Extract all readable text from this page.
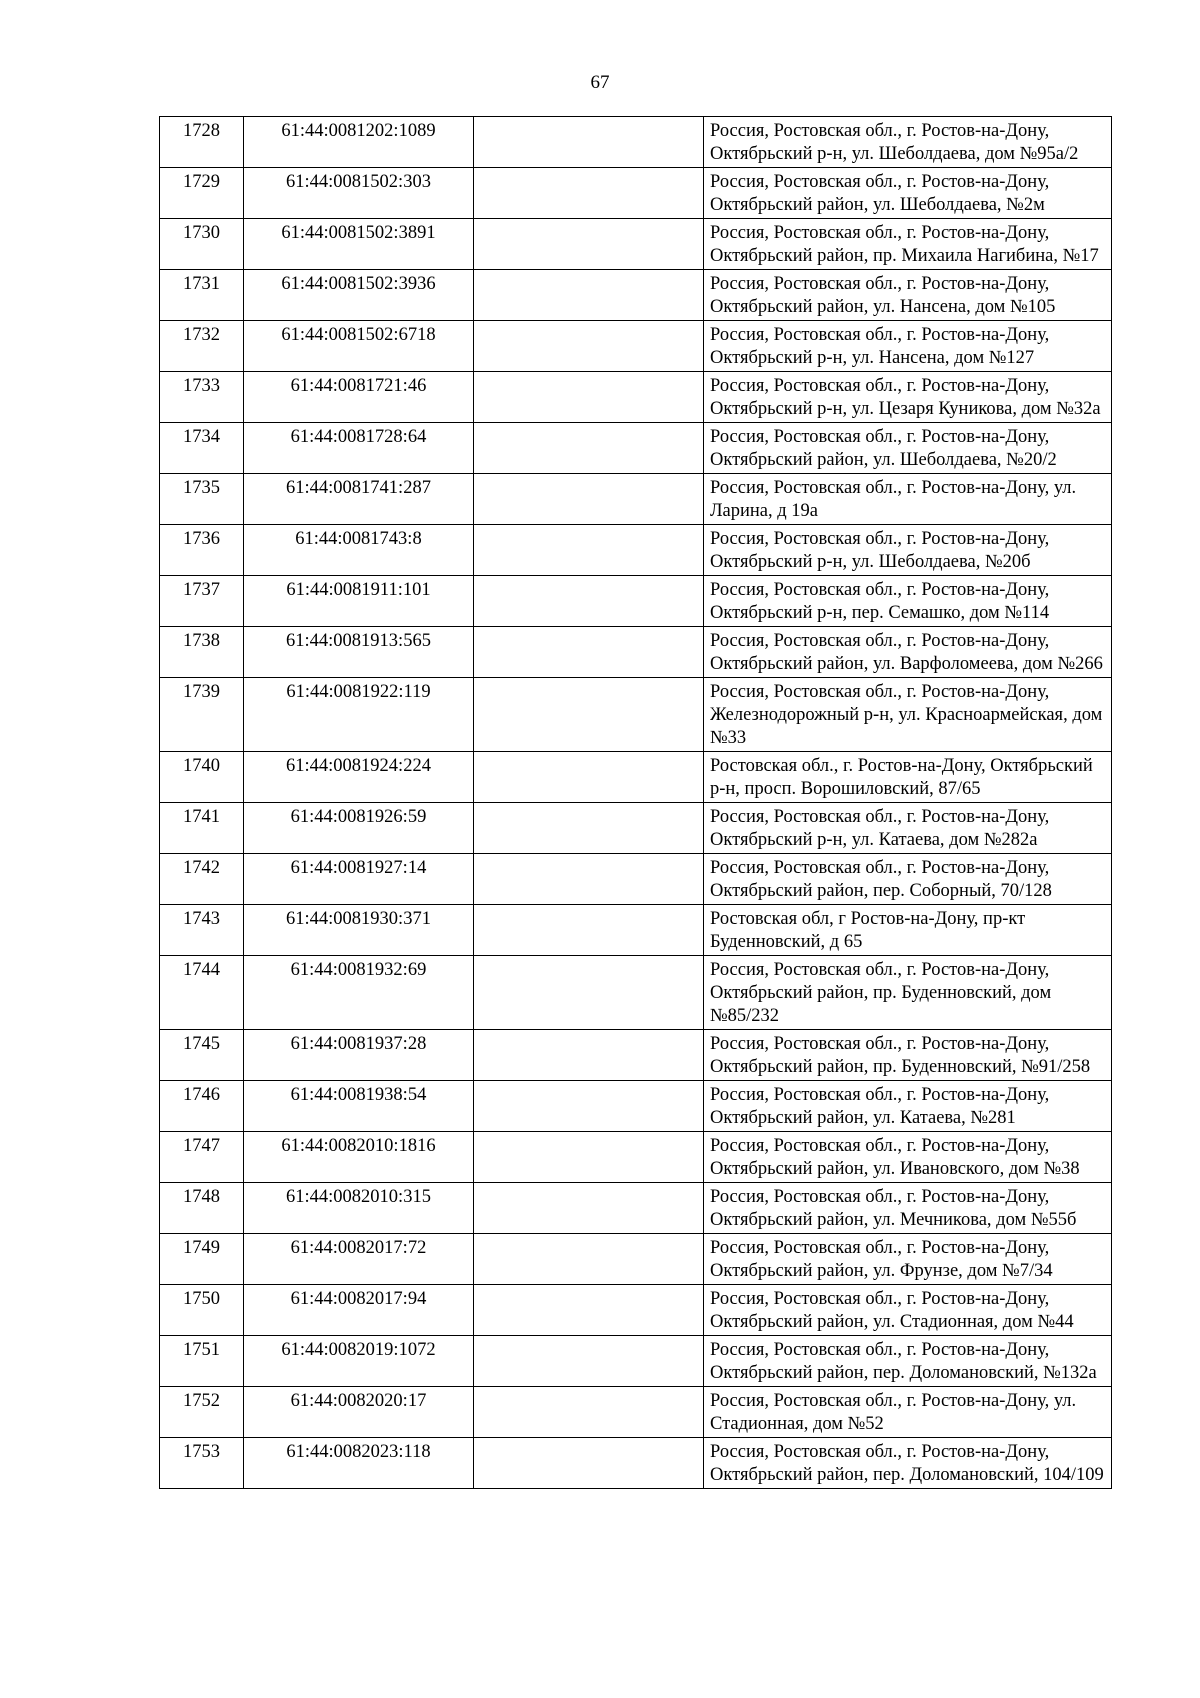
67
1728	61:44:0081202:1089		Россия, Ростовская обл., г. Ростов-на-Дону, Октябрьский р-н, ул. Шеболдаева, дом №95а/2
1729	61:44:0081502:303		Россия, Ростовская обл., г. Ростов-на-Дону, Октябрьский район, ул. Шеболдаева, №2м
1730	61:44:0081502:3891		Россия, Ростовская обл., г. Ростов-на-Дону, Октябрьский район, пр. Михаила Нагибина, №17
1731	61:44:0081502:3936		Россия, Ростовская обл., г. Ростов-на-Дону, Октябрьский район, ул. Нансена, дом №105
1732	61:44:0081502:6718		Россия, Ростовская обл., г. Ростов-на-Дону, Октябрьский р-н, ул. Нансена, дом №127
1733	61:44:0081721:46		Россия, Ростовская обл., г. Ростов-на-Дону, Октябрьский р-н, ул. Цезаря Куникова, дом №32а
1734	61:44:0081728:64		Россия, Ростовская обл., г. Ростов-на-Дону, Октябрьский район, ул. Шеболдаева, №20/2
1735	61:44:0081741:287		Россия, Ростовская обл., г. Ростов-на-Дону, ул. Ларина, д 19а
1736	61:44:0081743:8		Россия, Ростовская обл., г. Ростов-на-Дону, Октябрьский р-н, ул. Шеболдаева, №20б
1737	61:44:0081911:101		Россия, Ростовская обл., г. Ростов-на-Дону, Октябрьский р-н, пер. Семашко, дом №114
1738	61:44:0081913:565		Россия, Ростовская обл., г. Ростов-на-Дону, Октябрьский район, ул. Варфоломеева, дом №266
1739	61:44:0081922:119		Россия, Ростовская обл., г. Ростов-на-Дону, Железнодорожный р-н, ул. Красноармейская, дом №33
1740	61:44:0081924:224		Ростовская обл., г. Ростов-на-Дону, Октябрьский р-н, просп. Ворошиловский, 87/65
1741	61:44:0081926:59		Россия, Ростовская обл., г. Ростов-на-Дону, Октябрьский р-н, ул. Катаева, дом №282а
1742	61:44:0081927:14		Россия, Ростовская обл., г. Ростов-на-Дону, Октябрьский район, пер. Соборный, 70/128
1743	61:44:0081930:371		Ростовская обл, г Ростов-на-Дону, пр-кт Буденновский, д 65
1744	61:44:0081932:69		Россия, Ростовская обл., г. Ростов-на-Дону, Октябрьский район, пр. Буденновский, дом №85/232
1745	61:44:0081937:28		Россия, Ростовская обл., г. Ростов-на-Дону, Октябрьский район, пр. Буденновский, №91/258
1746	61:44:0081938:54		Россия, Ростовская обл., г. Ростов-на-Дону, Октябрьский район, ул. Катаева, №281
1747	61:44:0082010:1816		Россия, Ростовская обл., г. Ростов-на-Дону, Октябрьский район, ул. Ивановского, дом №38
1748	61:44:0082010:315		Россия, Ростовская обл., г. Ростов-на-Дону, Октябрьский район, ул. Мечникова, дом №55б
1749	61:44:0082017:72		Россия, Ростовская обл., г. Ростов-на-Дону, Октябрьский район, ул. Фрунзе, дом №7/34
1750	61:44:0082017:94		Россия, Ростовская обл., г. Ростов-на-Дону, Октябрьский район, ул. Стадионная, дом №44
1751	61:44:0082019:1072		Россия, Ростовская обл., г. Ростов-на-Дону, Октябрьский район, пер. Доломановский, №132а
1752	61:44:0082020:17		Россия, Ростовская обл., г. Ростов-на-Дону, ул. Стадионная, дом №52
1753	61:44:0082023:118		Россия, Ростовская обл., г. Ростов-на-Дону, Октябрьский район, пер. Доломановский, 104/109
